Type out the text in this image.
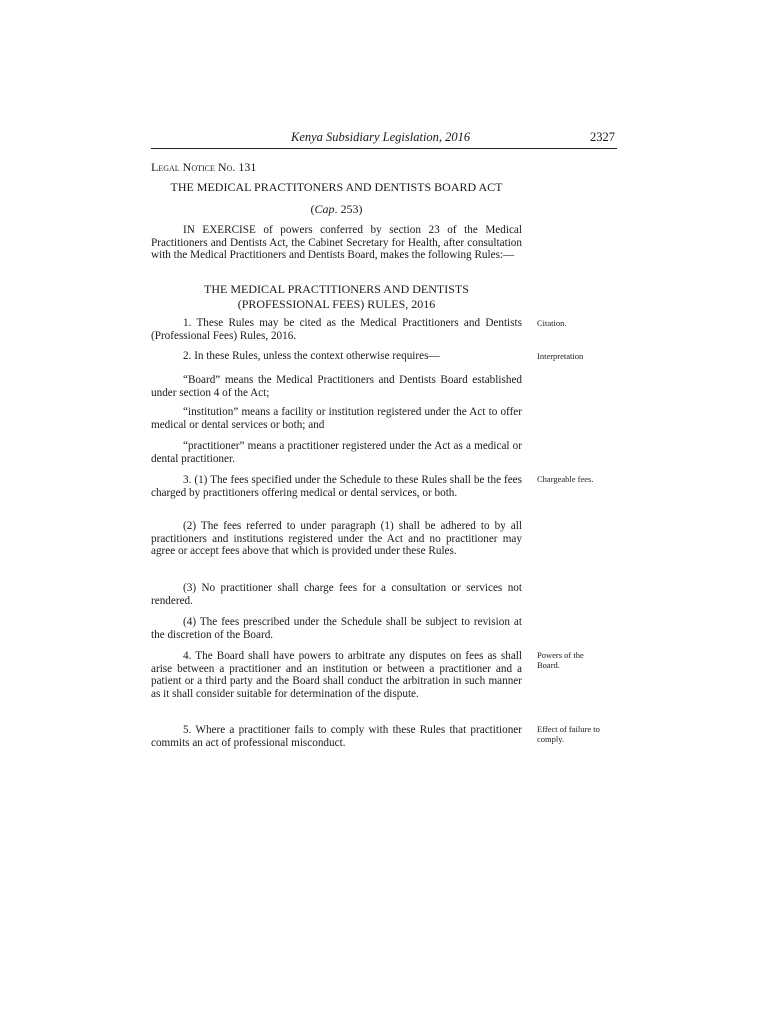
Kenya Subsidiary Legislation, 2016	2327
Legal Notice No. 131
THE MEDICAL PRACTITONERS AND DENTISTS BOARD ACT
(Cap. 253)
IN EXERCISE of powers conferred by section 23 of the Medical Practitioners and Dentists Act, the Cabinet Secretary for Health, after consultation with the Medical Practitioners and Dentists Board, makes the following Rules:—
THE MEDICAL PRACTITIONERS AND DENTISTS
(PROFESSIONAL FEES) RULES, 2016
1. These Rules may be cited as the Medical Practitioners and Dentists (Professional Fees) Rules, 2016.
2. In these Rules, unless the context otherwise requires—
“Board” means the Medical Practitioners and Dentists Board established under section 4 of the Act;
“institution” means a facility or institution registered under the Act to offer medical or dental services or both; and
“practitioner” means a practitioner registered under the Act as a medical or dental practitioner.
3. (1) The fees specified under the Schedule to these Rules shall be the fees charged by practitioners offering medical or dental services, or both.
(2) The fees referred to under paragraph (1) shall be adhered to by all practitioners and institutions registered under the Act and no practitioner may agree or accept fees above that which is provided under these Rules.
(3) No practitioner shall charge fees for a consultation or services not rendered.
(4) The fees prescribed under the Schedule shall be subject to revision at the discretion of the Board.
4. The Board shall have powers to arbitrate any disputes on fees as shall arise between a practitioner and an institution or between a practitioner and a patient or a third party and the Board shall conduct the arbitration in such manner as it shall consider suitable for determination of the dispute.
5. Where a practitioner fails to comply with these Rules that practitioner commits an act of professional misconduct.
Citation.
Interpretation
Chargeable fees.
Powers of the Board.
Effect of failure to comply.
